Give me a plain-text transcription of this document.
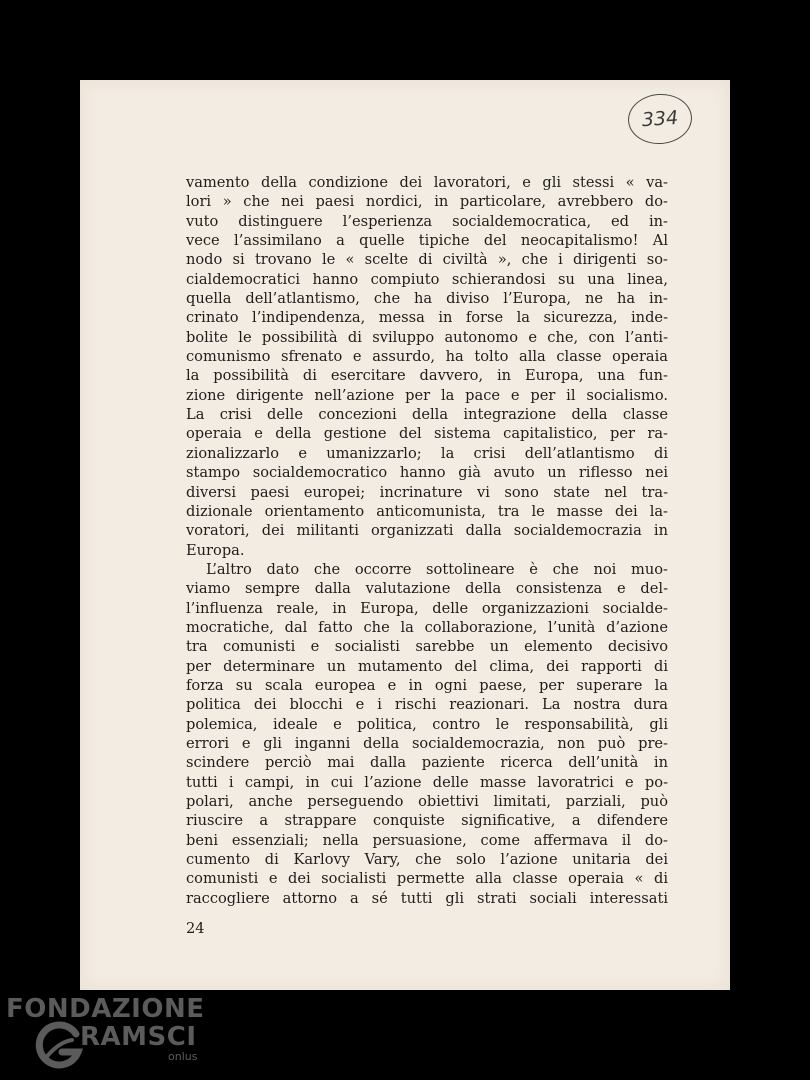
334
vamento della condizione dei lavoratori, e gli stessi « va-
lori » che nei paesi nordici, in particolare, avrebbero do-
vuto distinguere l’esperienza socialdemocratica, ed in-
vece l’assimilano a quelle tipiche del neocapitalismo! Al
nodo si trovano le « scelte di civiltà », che i dirigenti so-
cialdemocratici hanno compiuto schierandosi su una linea,
quella dell’atlantismo, che ha diviso l’Europa, ne ha in-
crinato l’indipendenza, messa in forse la sicurezza, inde-
bolite le possibilità di sviluppo autonomo e che, con l’anti-
comunismo sfrenato e assurdo, ha tolto alla classe operaia
la possibilità di esercitare davvero, in Europa, una fun-
zione dirigente nell’azione per la pace e per il socialismo.
La crisi delle concezioni della integrazione della classe
operaia e della gestione del sistema capitalistico, per ra-
zionalizzarlo e umanizzarlo; la crisi dell’atlantismo di
stampo socialdemocratico hanno già avuto un riflesso nei
diversi paesi europei; incrinature vi sono state nel tra-
dizionale orientamento anticomunista, tra le masse dei la-
voratori, dei militanti organizzati dalla socialdemocrazia in
Europa.
L’altro dato che occorre sottolineare è che noi muo-
viamo sempre dalla valutazione della consistenza e del-
l’influenza reale, in Europa, delle organizzazioni socialde-
mocratiche, dal fatto che la collaborazione, l’unità d’azione
tra comunisti e socialisti sarebbe un elemento decisivo
per determinare un mutamento del clima, dei rapporti di
forza su scala europea e in ogni paese, per superare la
politica dei blocchi e i rischi reazionari. La nostra dura
polemica, ideale e politica, contro le responsabilità, gli
errori e gli inganni della socialdemocrazia, non può pre-
scindere perciò mai dalla paziente ricerca dell’unità in
tutti i campi, in cui l’azione delle masse lavoratrici e po-
polari, anche perseguendo obiettivi limitati, parziali, può
riuscire a strappare conquiste significative, a difendere
beni essenziali; nella persuasione, come affermava il do-
cumento di Karlovy Vary, che solo l’azione unitaria dei
comunisti e dei socialisti permette alla classe operaia « di
raccogliere attorno a sé tutti gli strati sociali interessati
24
FONDAZIONE
RAMSCI
onlus
